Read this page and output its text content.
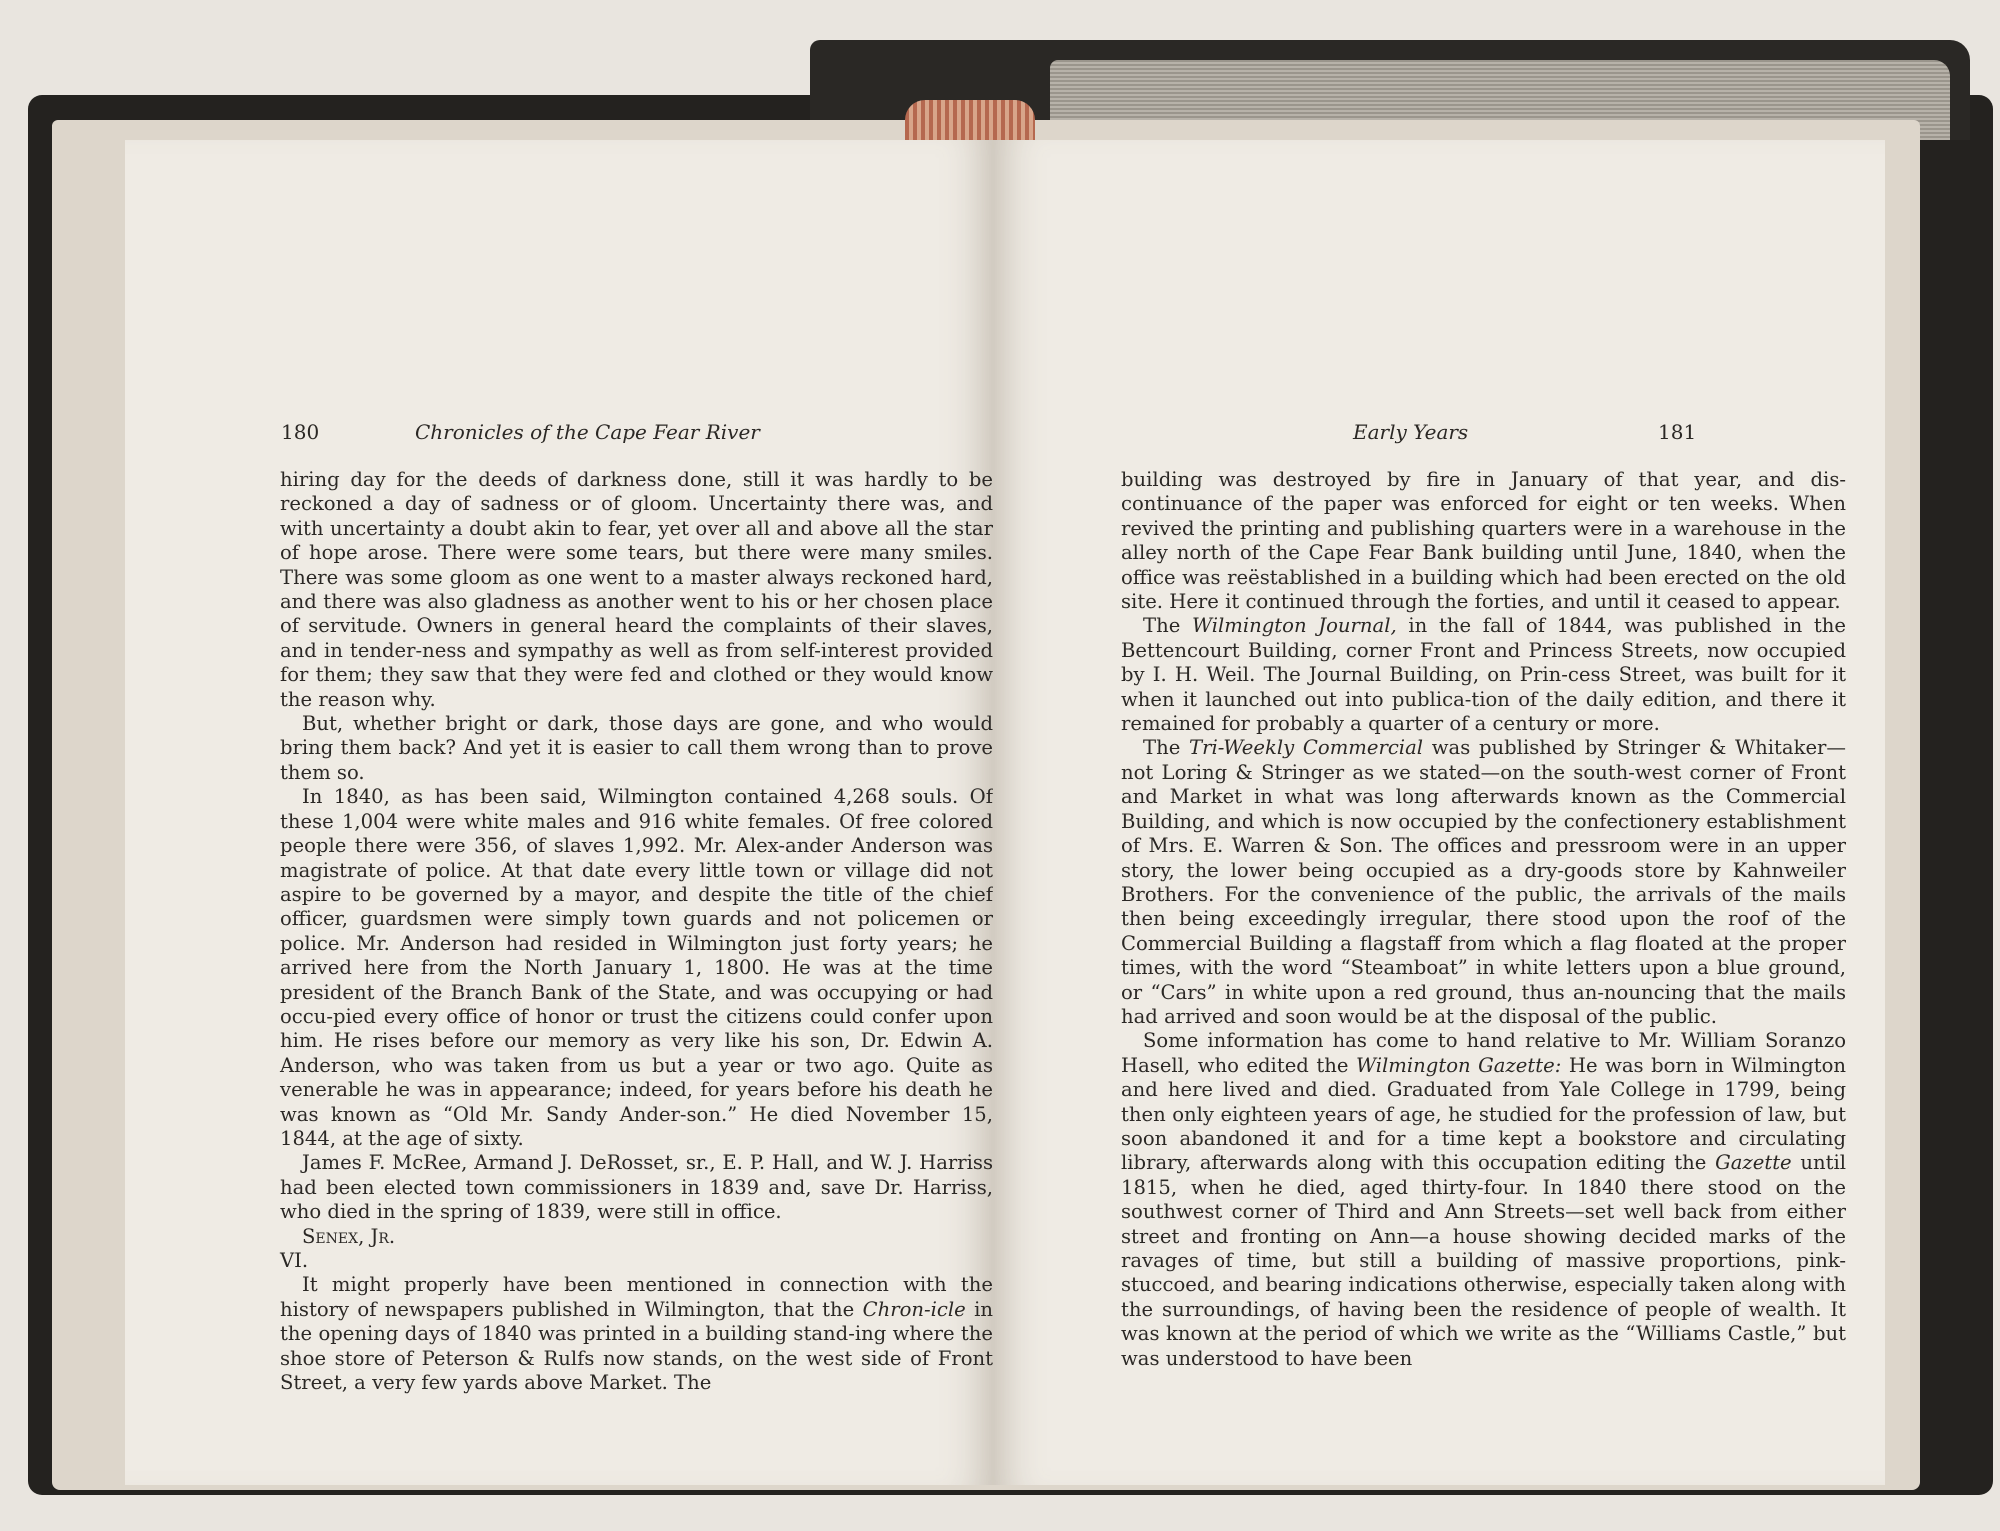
180	Chronicles of the Cape Fear River

hiring day for the deeds of darkness done, still it was hardly to be reckoned a day of sadness or of gloom. Uncertainty there was, and with uncertainty a doubt akin to fear, yet over all and above all the star of hope arose. There were some tears, but there were many smiles. There was some gloom as one went to a master always reckoned hard, and there was also gladness as another went to his or her chosen place of servitude. Owners in general heard the complaints of their slaves, and in tender-ness and sympathy as well as from self-interest provided for them; they saw that they were fed and clothed or they would know the reason why.

But, whether bright or dark, those days are gone, and who would bring them back? And yet it is easier to call them wrong than to prove them so.

In 1840, as has been said, Wilmington contained 4,268 souls. Of these 1,004 were white males and 916 white females. Of free colored people there were 356, of slaves 1,992. Mr. Alex-ander Anderson was magistrate of police. At that date every little town or village did not aspire to be governed by a mayor, and despite the title of the chief officer, guardsmen were simply town guards and not policemen or police. Mr. Anderson had resided in Wilmington just forty years; he arrived here from the North January 1, 1800. He was at the time president of the Branch Bank of the State, and was occupying or had occu-pied every office of honor or trust the citizens could confer upon him. He rises before our memory as very like his son, Dr. Edwin A. Anderson, who was taken from us but a year or two ago. Quite as venerable he was in appearance; indeed, for years before his death he was known as “Old Mr. Sandy Ander-son.” He died November 15, 1844, at the age of sixty.

James F. McRee, Armand J. DeRosset, sr., E. P. Hall, and W. J. Harriss had been elected town commissioners in 1839 and, save Dr. Harriss, who died in the spring of 1839, were still in office.

Senex, Jr.

VI.

It might properly have been mentioned in connection with the history of newspapers published in Wilmington, that the Chron-icle in the opening days of 1840 was printed in a building stand-ing where the shoe store of Peterson & Rulfs now stands, on the west side of Front Street, a very few yards above Market. The

Early Years	181

building was destroyed by fire in January of that year, and dis-continuance of the paper was enforced for eight or ten weeks. When revived the printing and publishing quarters were in a warehouse in the alley north of the Cape Fear Bank building until June, 1840, when the office was reëstablished in a building which had been erected on the old site. Here it continued through the forties, and until it ceased to appear.

The Wilmington Journal, in the fall of 1844, was published in the Bettencourt Building, corner Front and Princess Streets, now occupied by I. H. Weil. The Journal Building, on Prin-cess Street, was built for it when it launched out into publica-tion of the daily edition, and there it remained for probably a quarter of a century or more.

The Tri-Weekly Commercial was published by Stringer & Whitaker—not Loring & Stringer as we stated—on the south-west corner of Front and Market in what was long afterwards known as the Commercial Building, and which is now occupied by the confectionery establishment of Mrs. E. Warren & Son. The offices and pressroom were in an upper story, the lower being occupied as a dry-goods store by Kahnweiler Brothers. For the convenience of the public, the arrivals of the mails then being exceedingly irregular, there stood upon the roof of the Commercial Building a flagstaff from which a flag floated at the proper times, with the word “Steamboat” in white letters upon a blue ground, or “Cars” in white upon a red ground, thus an-nouncing that the mails had arrived and soon would be at the disposal of the public.

Some information has come to hand relative to Mr. William Soranzo Hasell, who edited the Wilmington Gazette: He was born in Wilmington and here lived and died. Graduated from Yale College in 1799, being then only eighteen years of age, he studied for the profession of law, but soon abandoned it and for a time kept a bookstore and circulating library, afterwards along with this occupation editing the Gazette until 1815, when he died, aged thirty-four. In 1840 there stood on the southwest corner of Third and Ann Streets—set well back from either street and fronting on Ann—a house showing decided marks of the ravages of time, but still a building of massive proportions, pink-stuccoed, and bearing indications otherwise, especially taken along with the surroundings, of having been the residence of people of wealth. It was known at the period of which we write as the “Williams Castle,” but was understood to have been
